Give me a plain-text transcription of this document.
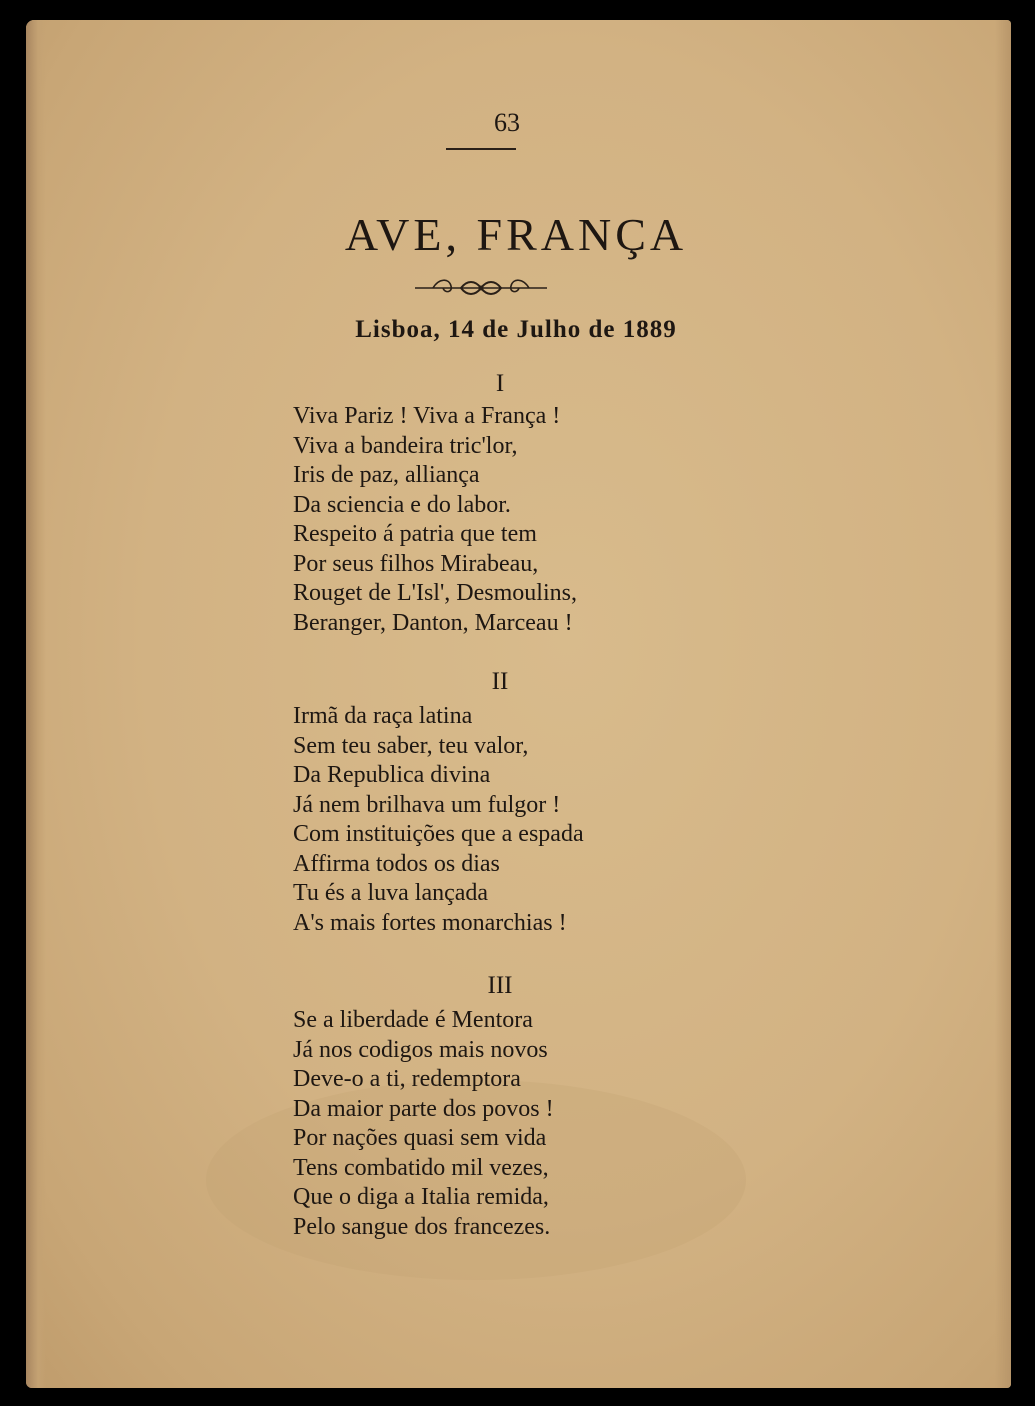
63
AVE, FRANÇA
Lisboa, 14 de Julho de 1889
I
Viva Pariz ! Viva a França !
Viva a bandeira tric'lor,
Iris de paz, alliança
Da sciencia e do labor.
Respeito á patria que tem
Por seus filhos Mirabeau,
Rouget de L'Isl', Desmoulins,
Beranger, Danton, Marceau !
II
Irmã da raça latina
Sem teu saber, teu valor,
Da Republica divina
Já nem brilhava um fulgor !
Com instituições que a espada
Affirma todos os dias
Tu és a luva lançada
A's mais fortes monarchias !
III
Se a liberdade é Mentora
Já nos codigos mais novos
Deve-o a ti, redemptora
Da maior parte dos povos !
Por nações quasi sem vida
Tens combatido mil vezes,
Que o diga a Italia remida,
Pelo sangue dos francezes.
